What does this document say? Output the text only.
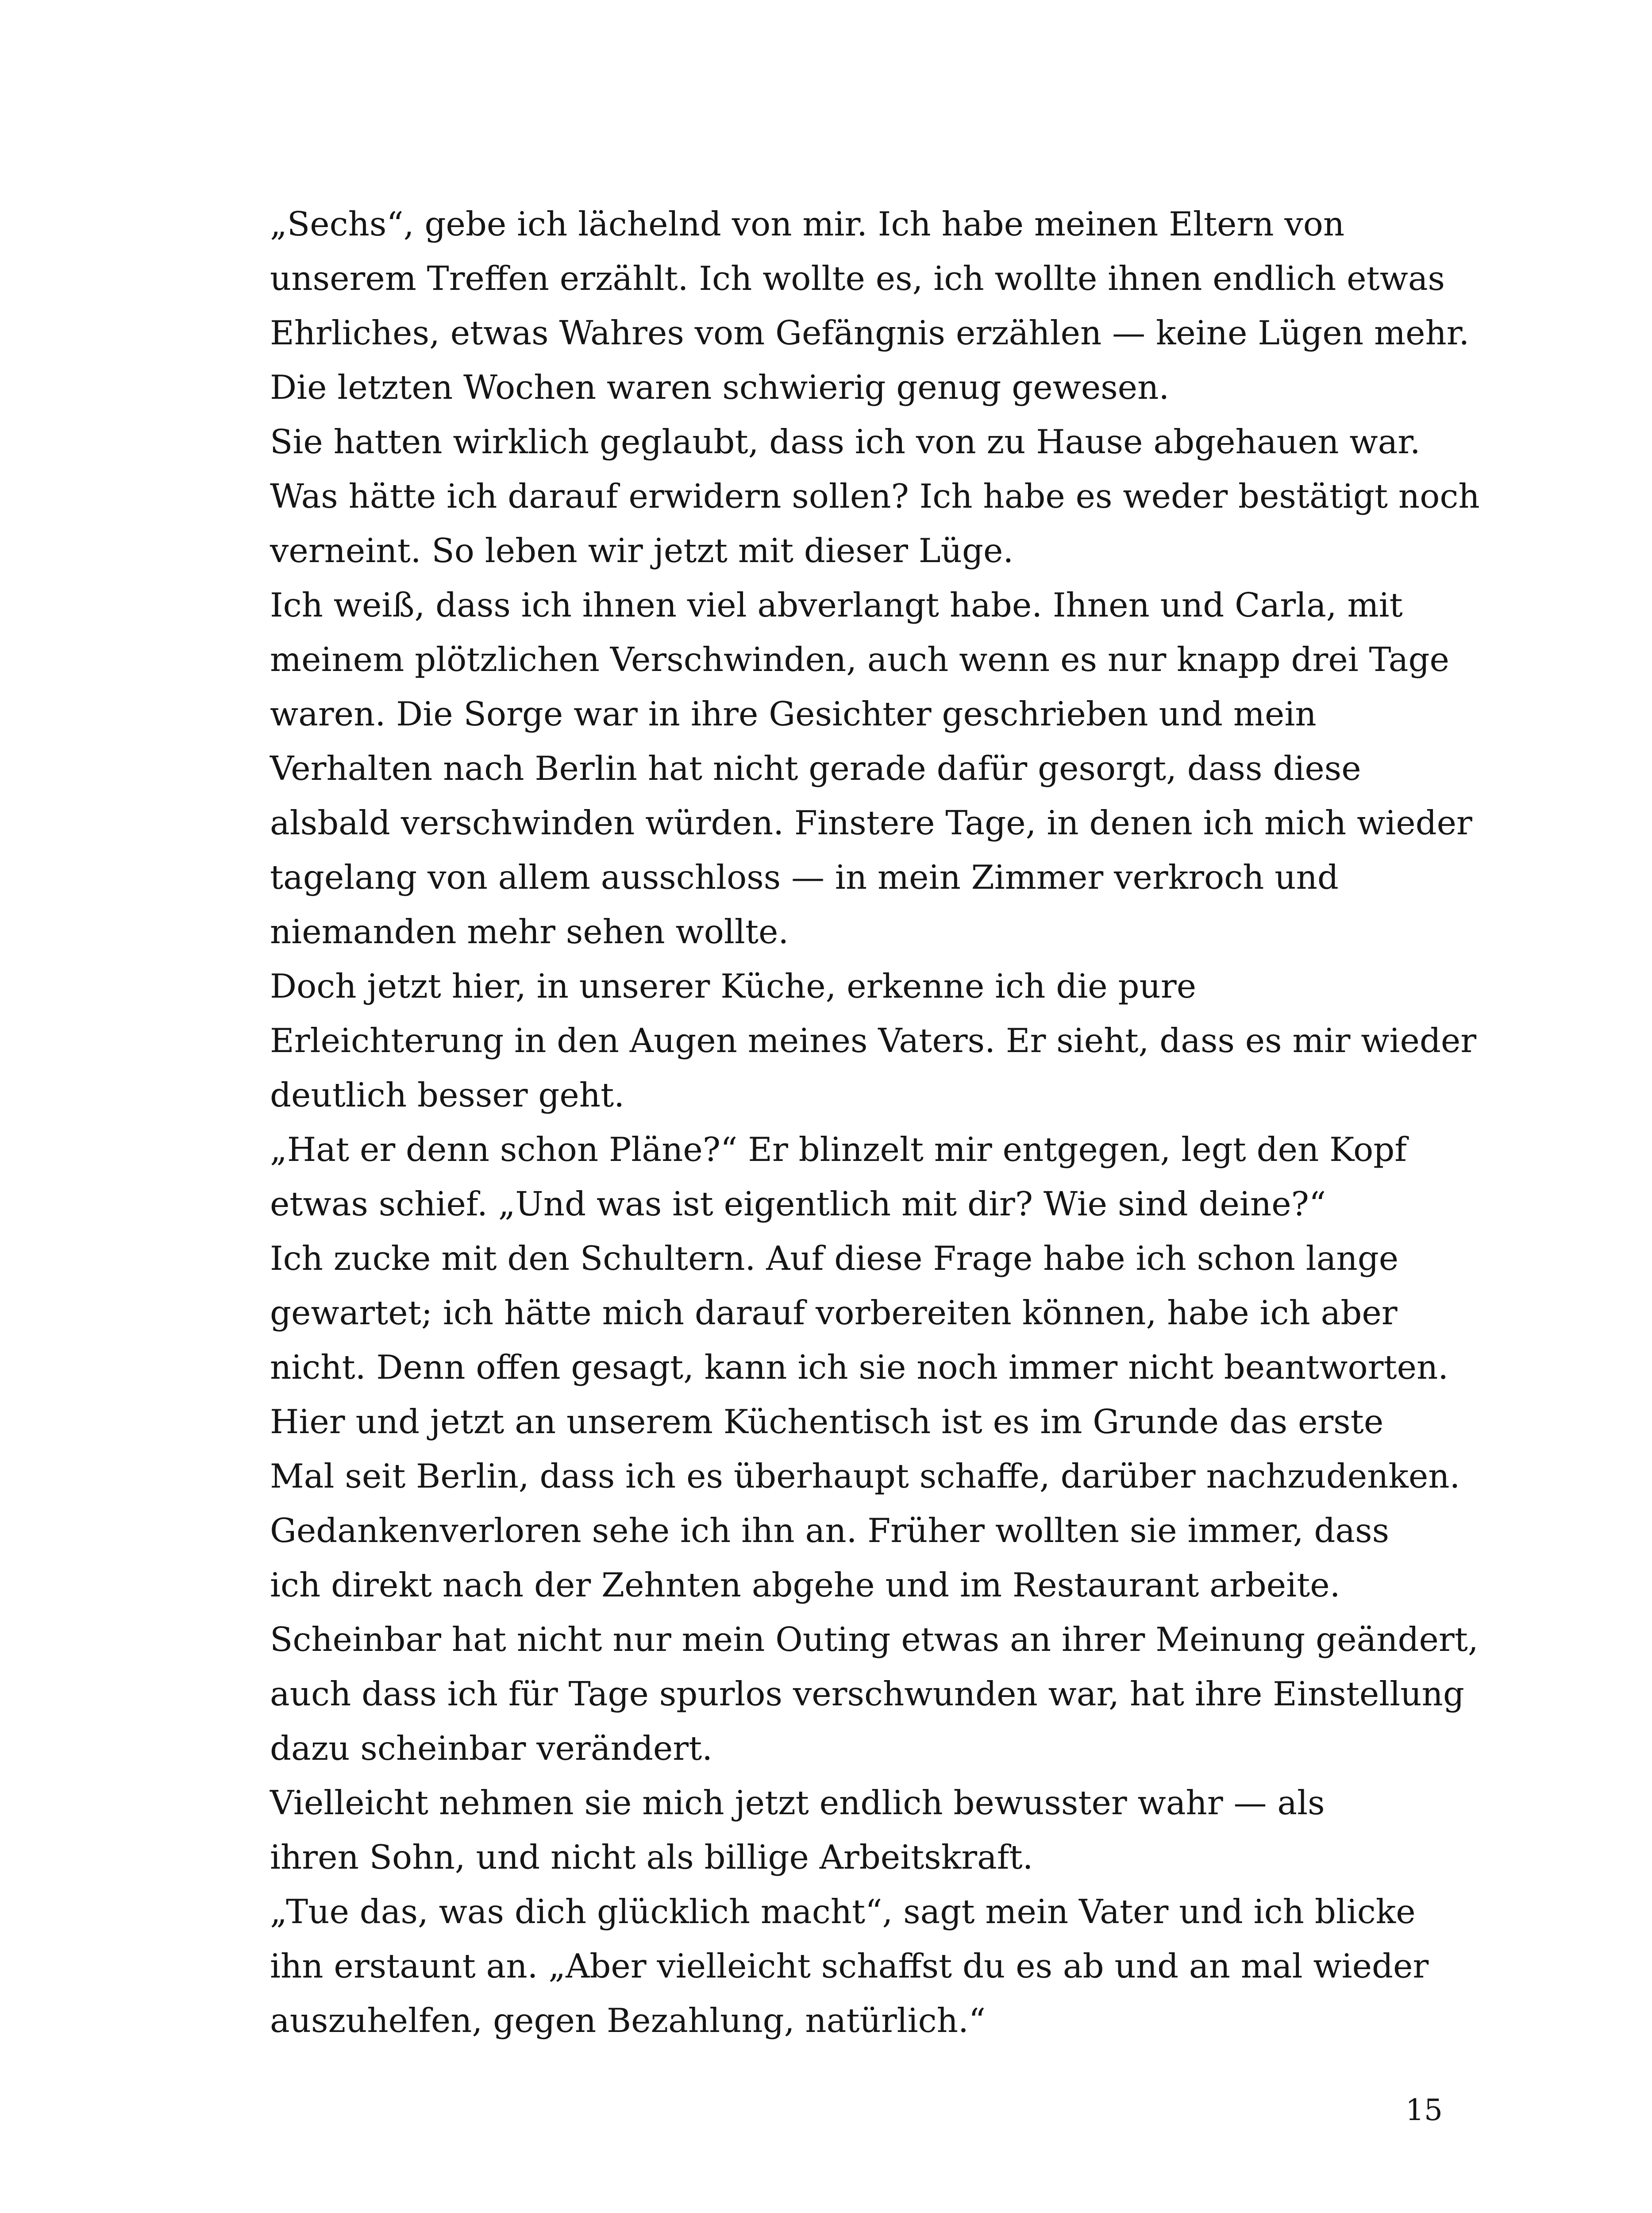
„Sechs“, gebe ich lächelnd von mir. Ich habe meinen Eltern von
unserem Treffen erzählt. Ich wollte es, ich wollte ihnen endlich etwas
Ehrliches, etwas Wahres vom Gefängnis erzählen — keine Lügen mehr.
Die letzten Wochen waren schwierig genug gewesen.

Sie hatten wirklich geglaubt, dass ich von zu Hause abgehauen war.
Was hätte ich darauf erwidern sollen? Ich habe es weder bestätigt noch
verneint. So leben wir jetzt mit dieser Lüge.

Ich weiß, dass ich ihnen viel abverlangt habe. Ihnen und Carla, mit
meinem plötzlichen Verschwinden, auch wenn es nur knapp drei Tage
waren. Die Sorge war in ihre Gesichter geschrieben und mein
Verhalten nach Berlin hat nicht gerade dafür gesorgt, dass diese
alsbald verschwinden würden. Finstere Tage, in denen ich mich wieder
tagelang von allem ausschloss — in mein Zimmer verkroch und
niemanden mehr sehen wollte.

Doch jetzt hier, in unserer Küche, erkenne ich die pure
Erleichterung in den Augen meines Vaters. Er sieht, dass es mir wieder
deutlich besser geht.

„Hat er denn schon Pläne?“ Er blinzelt mir entgegen, legt den Kopf
etwas schief. „Und was ist eigentlich mit dir? Wie sind deine?“

Ich zucke mit den Schultern. Auf diese Frage habe ich schon lange
gewartet; ich hätte mich darauf vorbereiten können, habe ich aber
nicht. Denn offen gesagt, kann ich sie noch immer nicht beantworten.

Hier und jetzt an unserem Küchentisch ist es im Grunde das erste
Mal seit Berlin, dass ich es überhaupt schaffe, darüber nachzudenken.

Gedankenverloren sehe ich ihn an. Früher wollten sie immer, dass
ich direkt nach der Zehnten abgehe und im Restaurant arbeite.
Scheinbar hat nicht nur mein Outing etwas an ihrer Meinung geändert,
auch dass ich für Tage spurlos verschwunden war, hat ihre Einstellung
dazu scheinbar verändert.

Vielleicht nehmen sie mich jetzt endlich bewusster wahr — als
ihren Sohn, und nicht als billige Arbeitskraft.

„Tue das, was dich glücklich macht“, sagt mein Vater und ich blicke
ihn erstaunt an. „Aber vielleicht schaffst du es ab und an mal wieder
auszuhelfen, gegen Bezahlung, natürlich.“

15
